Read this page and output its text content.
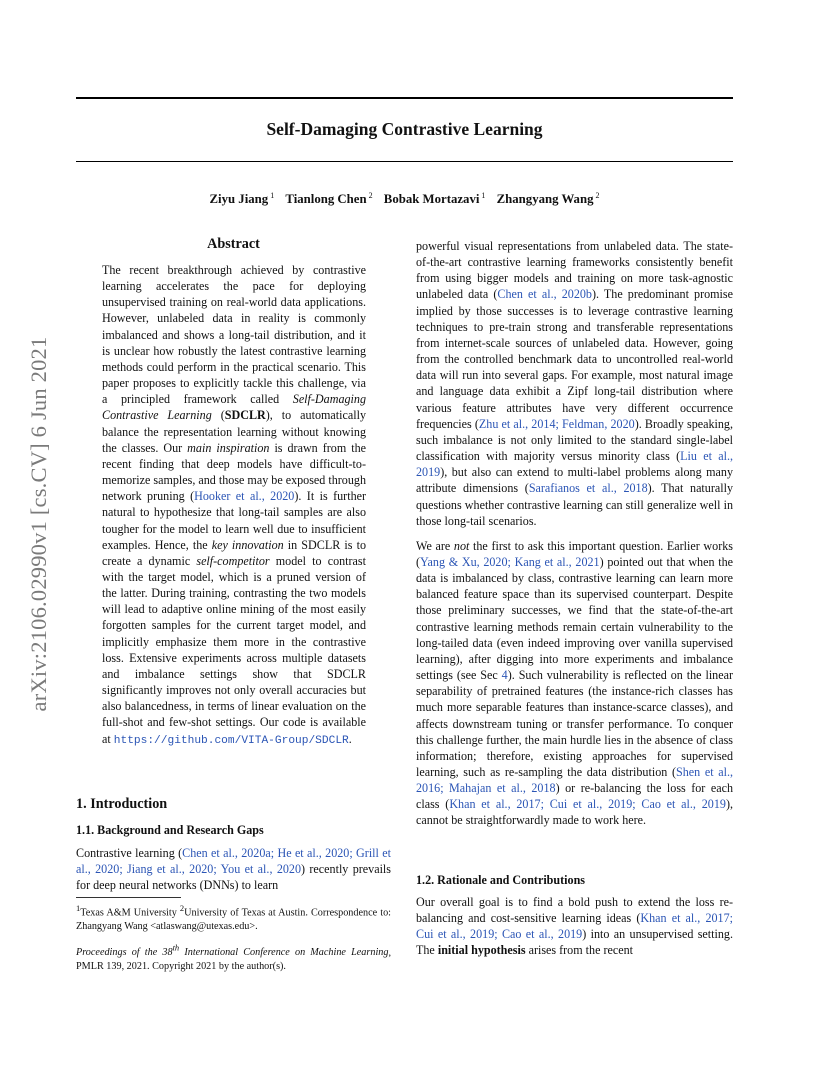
Self-Damaging Contrastive Learning
Ziyu Jiang $^1$ Tianlong Chen $^2$ Bobak Mortazavi $^1$ Zhangyang Wang $^2$
arXiv:2106.02990v1 [cs.CV] 6 Jun 2021
Abstract

The recent breakthrough achieved by contrastive learning accelerates the pace for deploying unsupervised training on real-world data applications. However, unlabeled data in reality is commonly imbalanced and shows a long-tail distribution, and it is unclear how robustly the latest contrastive learning methods could perform in the practical scenario. This paper proposes to explicitly tackle this challenge, via a principled framework called Self-Damaging Contrastive Learning (SDCLR), to automatically balance the representation learning without knowing the classes. Our main inspiration is drawn from the recent finding that deep models have difficult-to-memorize samples, and those may be exposed through network pruning (Hooker et al., 2020). It is further natural to hypothesize that long-tail samples are also tougher for the model to learn well due to insufficient examples. Hence, the key innovation in SDCLR is to create a dynamic self-competitor model to contrast with the target model, which is a pruned version of the latter. During training, contrasting the two models will lead to adaptive online mining of the most easily forgotten samples for the current target model, and implicitly emphasize them more in the contrastive loss. Extensive experiments across multiple datasets and imbalance settings show that SDCLR significantly improves not only overall accuracies but also balancedness, in terms of linear evaluation on the full-shot and few-shot settings. Our code is available at https://github.com/VITA-Group/SDCLR.

1. Introduction
1.1. Background and Research Gaps

Contrastive learning (Chen et al., 2020a; He et al., 2020; Grill et al., 2020; Jiang et al., 2020; You et al., 2020) recently prevails for deep neural networks (DNNs) to learn

$^1$Texas A&M University $^2$University of Texas at Austin. Correspondence to: Zhangyang Wang <atlaswang@utexas.edu>.

Proceedings of the 38th International Conference on Machine Learning, PMLR 139, 2021. Copyright 2021 by the author(s).

powerful visual representations from unlabeled data. The state-of-the-art contrastive learning frameworks consistently benefit from using bigger models and training on more task-agnostic unlabeled data (Chen et al., 2020b). The predominant promise implied by those successes is to leverage contrastive learning techniques to pre-train strong and transferable representations from internet-scale sources of unlabeled data. However, going from the controlled benchmark data to uncontrolled real-world data will run into several gaps. For example, most natural image and language data exhibit a Zipf long-tail distribution where various feature attributes have very different occurrence frequencies (Zhu et al., 2014; Feldman, 2020). Broadly speaking, such imbalance is not only limited to the standard single-label classification with majority versus minority class (Liu et al., 2019), but also can extend to multi-label problems along many attribute dimensions (Sarafianos et al., 2018). That naturally questions whether contrastive learning can still generalize well in those long-tail scenarios.

We are not the first to ask this important question. Earlier works (Yang & Xu, 2020; Kang et al., 2021) pointed out that when the data is imbalanced by class, contrastive learning can learn more balanced feature space than its supervised counterpart. Despite those preliminary successes, we find that the state-of-the-art contrastive learning methods remain certain vulnerability to the long-tailed data (even indeed improving over vanilla supervised learning), after digging into more experiments and imbalance settings (see Sec 4). Such vulnerability is reflected on the linear separability of pretrained features (the instance-rich classes has much more separable features than instance-scarce classes), and affects downstream tuning or transfer performance. To conquer this challenge further, the main hurdle lies in the absence of class information; therefore, existing approaches for supervised learning, such as re-sampling the data distribution (Shen et al., 2016; Mahajan et al., 2018) or re-balancing the loss for each class (Khan et al., 2017; Cui et al., 2019; Cao et al., 2019), cannot be straightforwardly made to work here.

1.2. Rationale and Contributions

Our overall goal is to find a bold push to extend the loss re-balancing and cost-sensitive learning ideas (Khan et al., 2017; Cui et al., 2019; Cao et al., 2019) into an unsupervised setting. The initial hypothesis arises from the recent
